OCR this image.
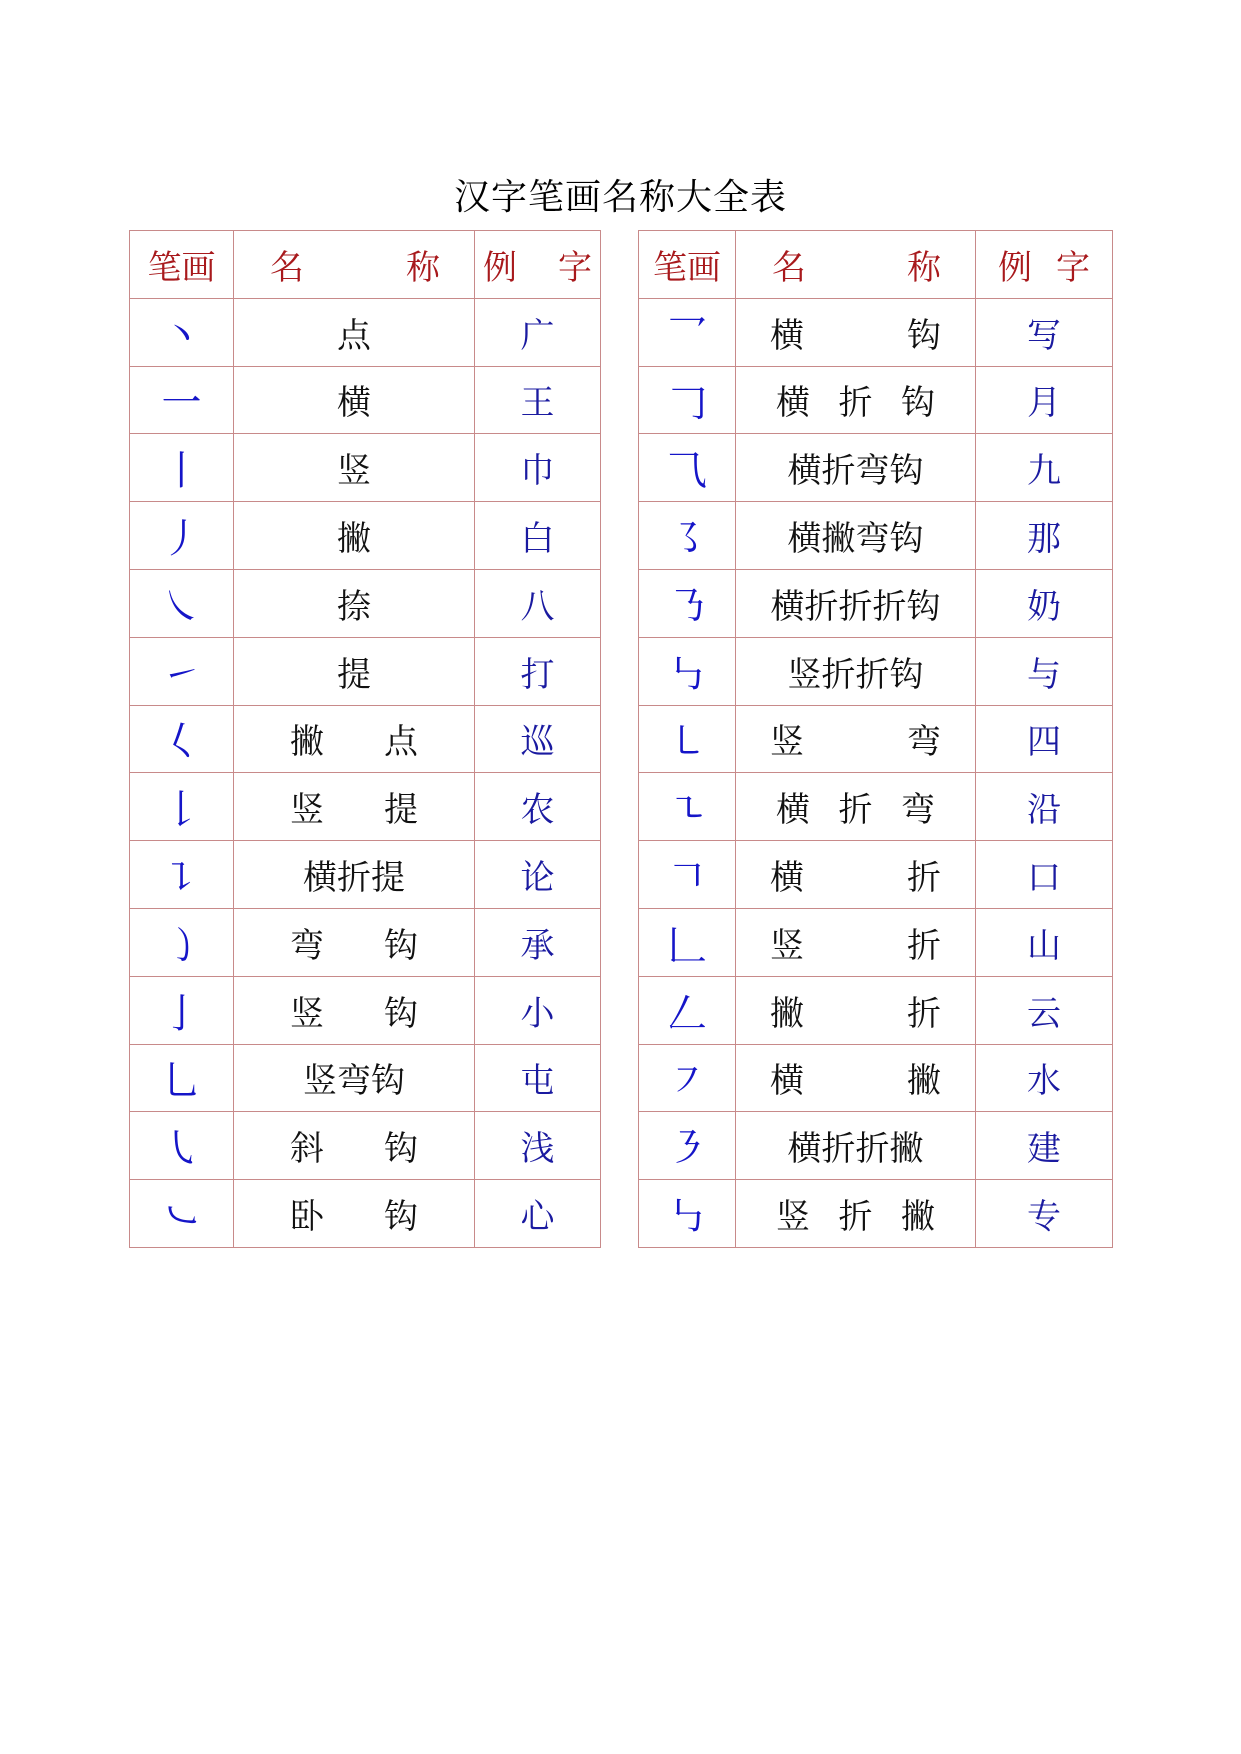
汉字笔画名称大全表
笔画	名 称	例 字

丶	点	广
一	横	王
丨	竖	巾
丿	撇	白
㇏	捺	八
㇀	提	打
𡿨	撇 点	巡
𠄌	竖 提	农
㇊	横折提	论
㇁	弯 钩	承
亅	竖 钩	小
乚	竖弯钩	屯
㇂	斜 钩	浅
㇃	卧 钩	心
笔画	名 称	例 字

乛	横 钩	写
𠃌	横 折 钩	月
⺄	横折弯钩	九
㇌	横撇弯钩	那
㇡	横折折折钩	奶
㇉	竖折折钩	与
㇄	竖 弯	四
㇍	横 折 弯	沿
𠃍	横 折	口
𠃊	竖 折	山
𠃋	撇 折	云
㇇	横 撇	水
㇋	横折折撇	建
㇉	竖 折 撇	专
